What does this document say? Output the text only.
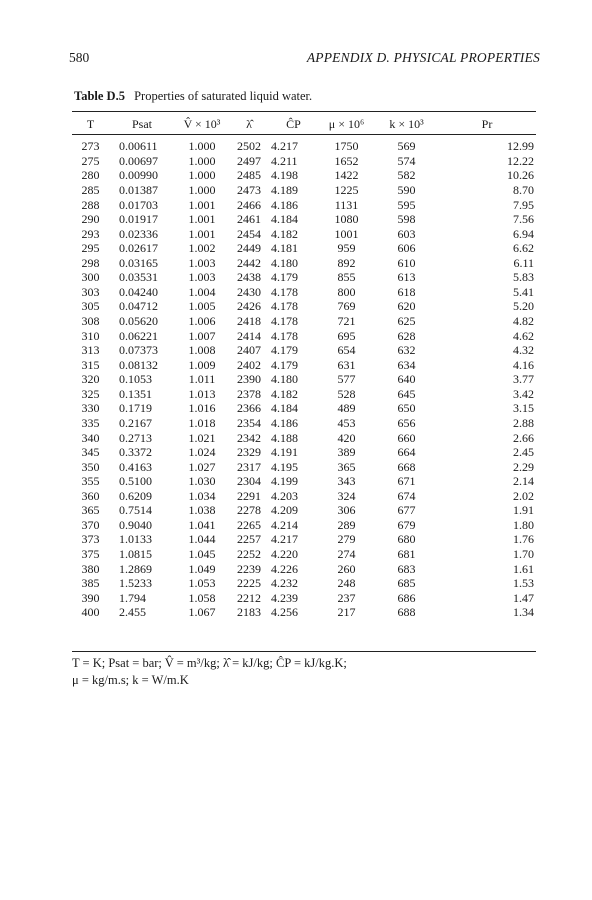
580	APPENDIX D. PHYSICAL PROPERTIES
Table D.5 Properties of saturated liquid water.
T	Psat	V̂ × 10³	λ̂	ĈP	μ × 10⁶	k × 10³	Pr
273	0.00611	1.000	2502	4.217	1750	569	12.99
275	0.00697	1.000	2497	4.211	1652	574	12.22
280	0.00990	1.000	2485	4.198	1422	582	10.26
285	0.01387	1.000	2473	4.189	1225	590	8.70
288	0.01703	1.001	2466	4.186	1131	595	7.95
290	0.01917	1.001	2461	4.184	1080	598	7.56
293	0.02336	1.001	2454	4.182	1001	603	6.94
295	0.02617	1.002	2449	4.181	959	606	6.62
298	0.03165	1.003	2442	4.180	892	610	6.11
300	0.03531	1.003	2438	4.179	855	613	5.83
303	0.04240	1.004	2430	4.178	800	618	5.41
305	0.04712	1.005	2426	4.178	769	620	5.20
308	0.05620	1.006	2418	4.178	721	625	4.82
310	0.06221	1.007	2414	4.178	695	628	4.62
313	0.07373	1.008	2407	4.179	654	632	4.32
315	0.08132	1.009	2402	4.179	631	634	4.16
320	0.1053	1.011	2390	4.180	577	640	3.77
325	0.1351	1.013	2378	4.182	528	645	3.42
330	0.1719	1.016	2366	4.184	489	650	3.15
335	0.2167	1.018	2354	4.186	453	656	2.88
340	0.2713	1.021	2342	4.188	420	660	2.66
345	0.3372	1.024	2329	4.191	389	664	2.45
350	0.4163	1.027	2317	4.195	365	668	2.29
355	0.5100	1.030	2304	4.199	343	671	2.14
360	0.6209	1.034	2291	4.203	324	674	2.02
365	0.7514	1.038	2278	4.209	306	677	1.91
370	0.9040	1.041	2265	4.214	289	679	1.80
373	1.0133	1.044	2257	4.217	279	680	1.76
375	1.0815	1.045	2252	4.220	274	681	1.70
380	1.2869	1.049	2239	4.226	260	683	1.61
385	1.5233	1.053	2225	4.232	248	685	1.53
390	1.794	1.058	2212	4.239	237	686	1.47
400	2.455	1.067	2183	4.256	217	688	1.34
T = K; Psat = bar; V̂ = m³/kg; λ̂ = kJ/kg; ĈP = kJ/kg.K;
μ = kg/m.s; k = W/m.K
